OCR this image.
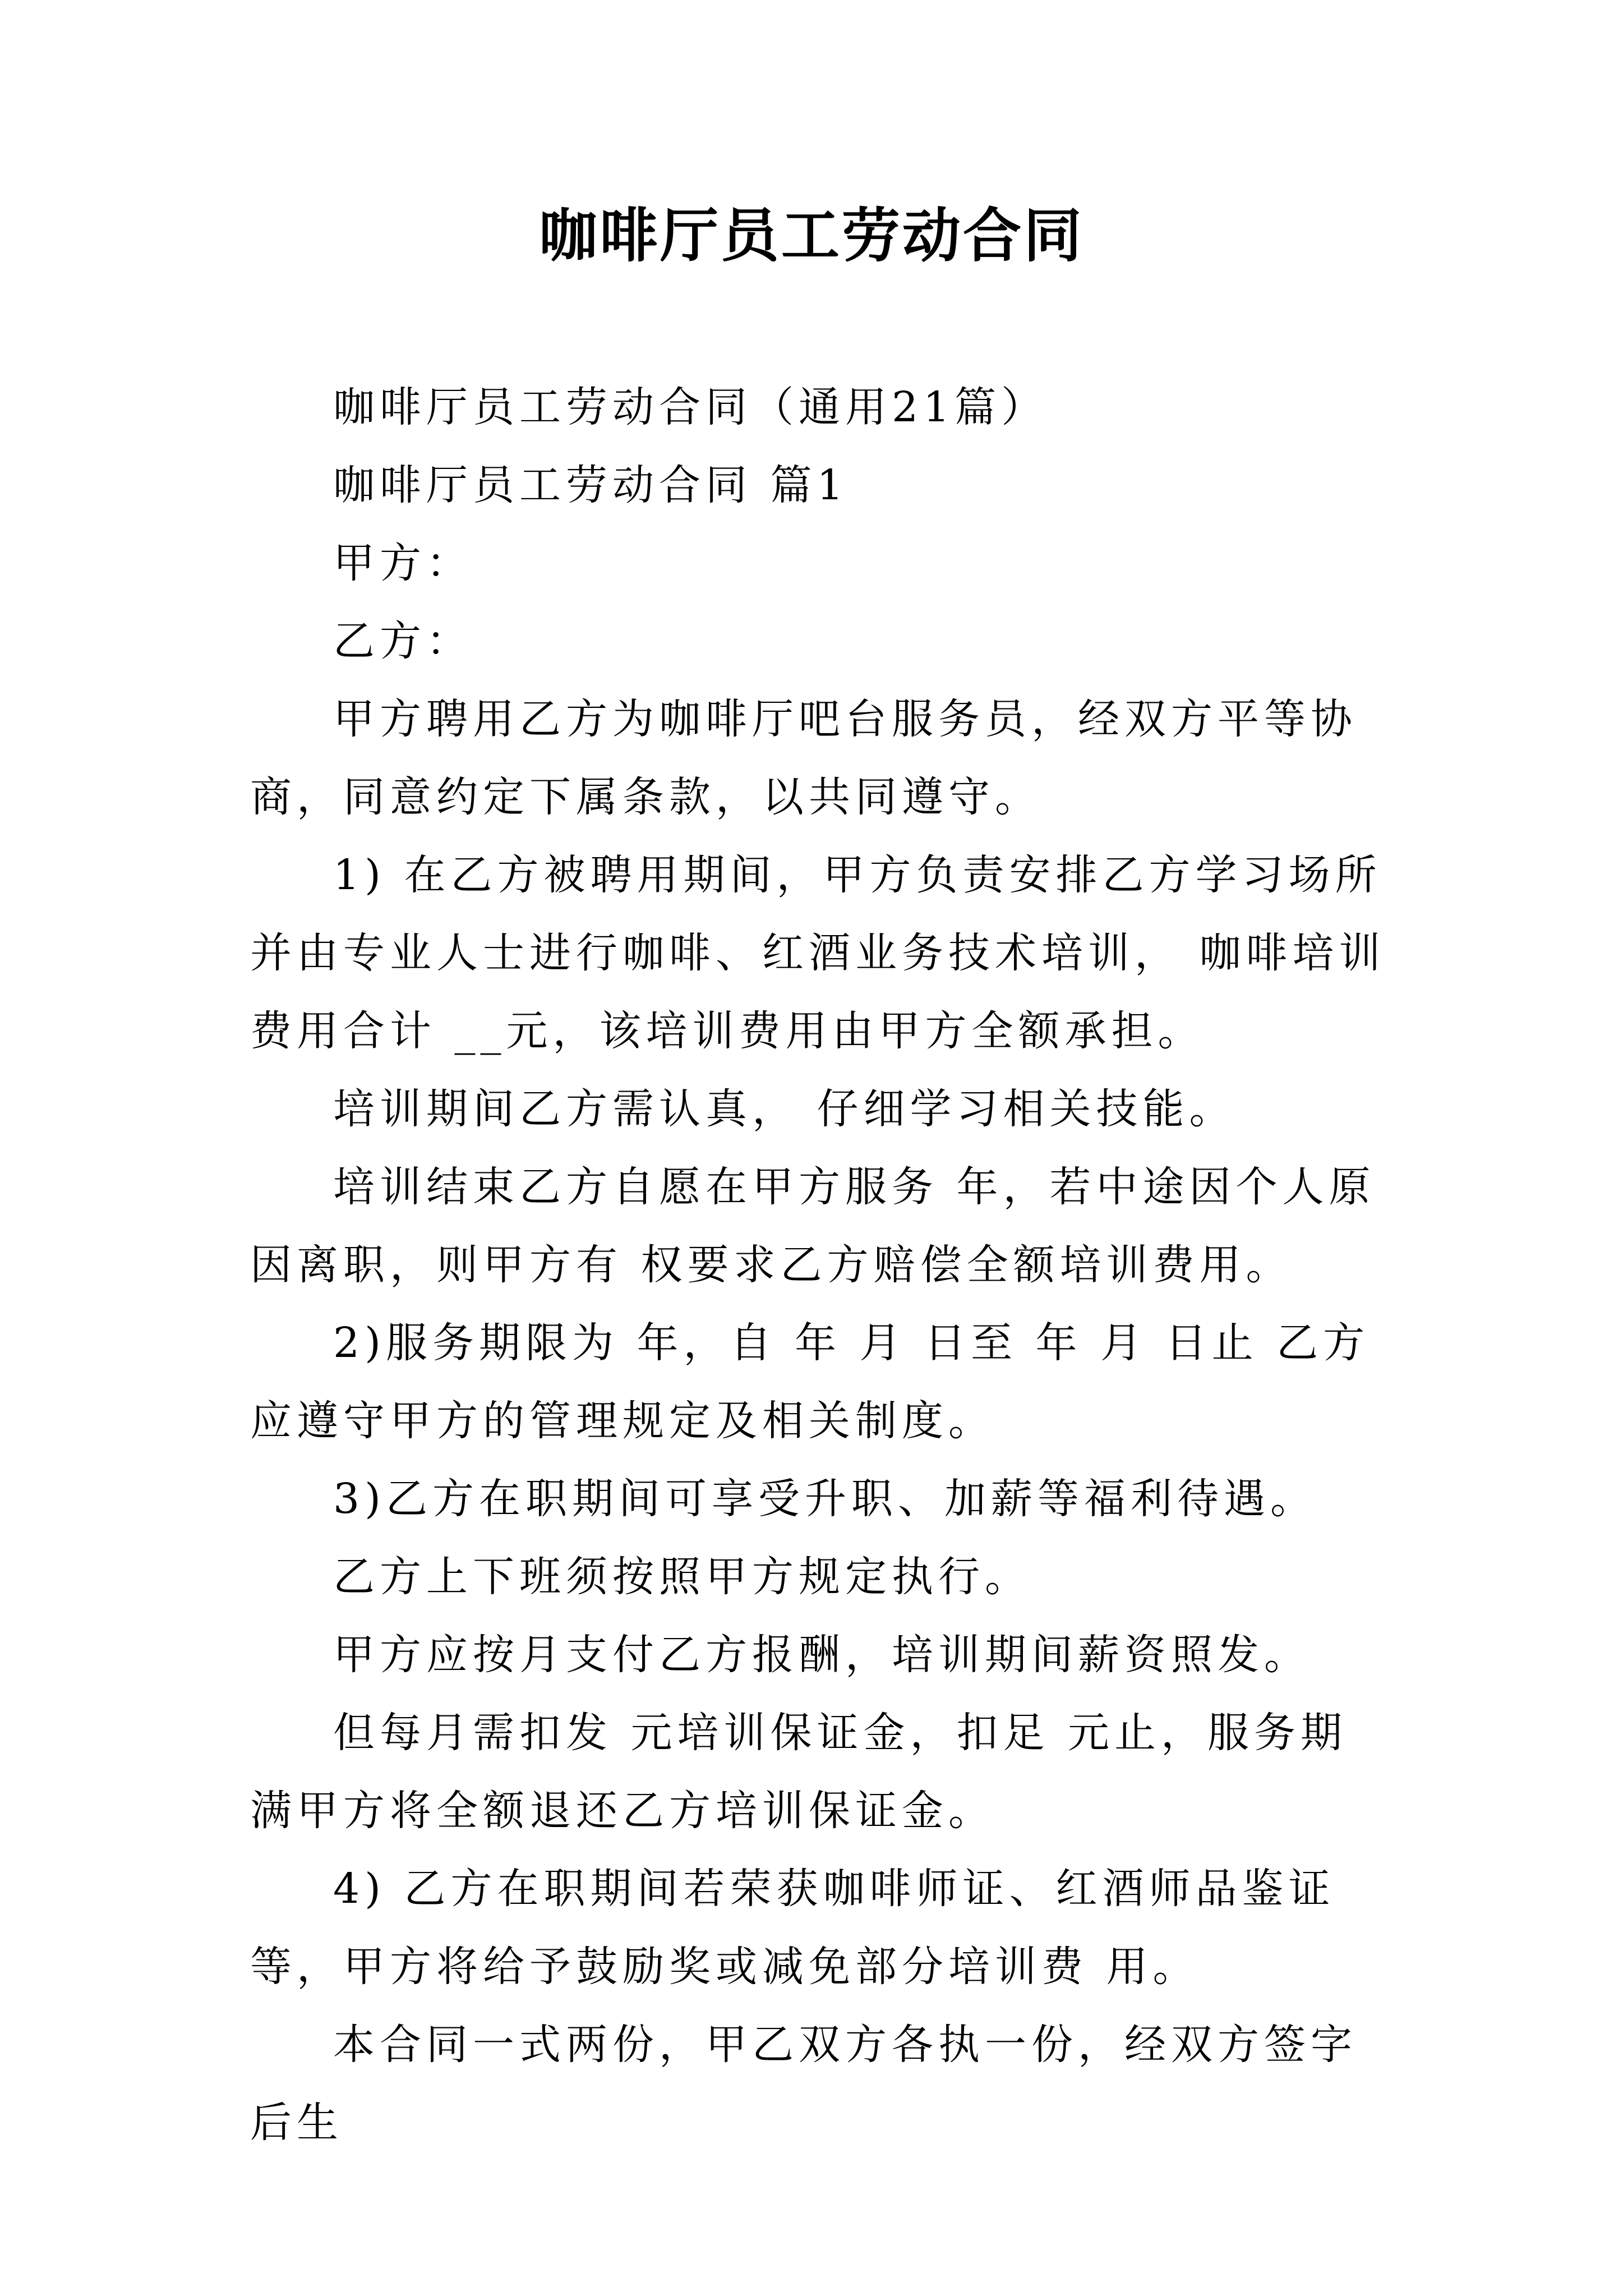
咖啡厅员工劳动合同

咖啡厅员工劳动合同（通用21篇）

咖啡厅员工劳动合同 篇1

甲方：

乙方：

甲方聘用乙方为咖啡厅吧台服务员，经双方平等协商，同意约定下属条款，以共同遵守。

1) 在乙方被聘用期间，甲方负责安排乙方学习场所并由专业人士进行咖啡、红酒业务技术培训， 咖啡培训费用合计 __元，该培训费用由甲方全额承担。

培训期间乙方需认真， 仔细学习相关技能。

培训结束乙方自愿在甲方服务 年，若中途因个人原因离职，则甲方有 权要求乙方赔偿全额培训费用。

2)服务期限为 年，自 年 月 日至 年 月 日止 乙方应遵守甲方的管理规定及相关制度。

3)乙方在职期间可享受升职、加薪等福利待遇。

乙方上下班须按照甲方规定执行。

甲方应按月支付乙方报酬，培训期间薪资照发。

但每月需扣发 元培训保证金，扣足 元止，服务期满甲方将全额退还乙方培训保证金。

4) 乙方在职期间若荣获咖啡师证、红酒师品鉴证等，甲方将给予鼓励奖或减免部分培训费 用。

本合同一式两份，甲乙双方各执一份，经双方签字后生
